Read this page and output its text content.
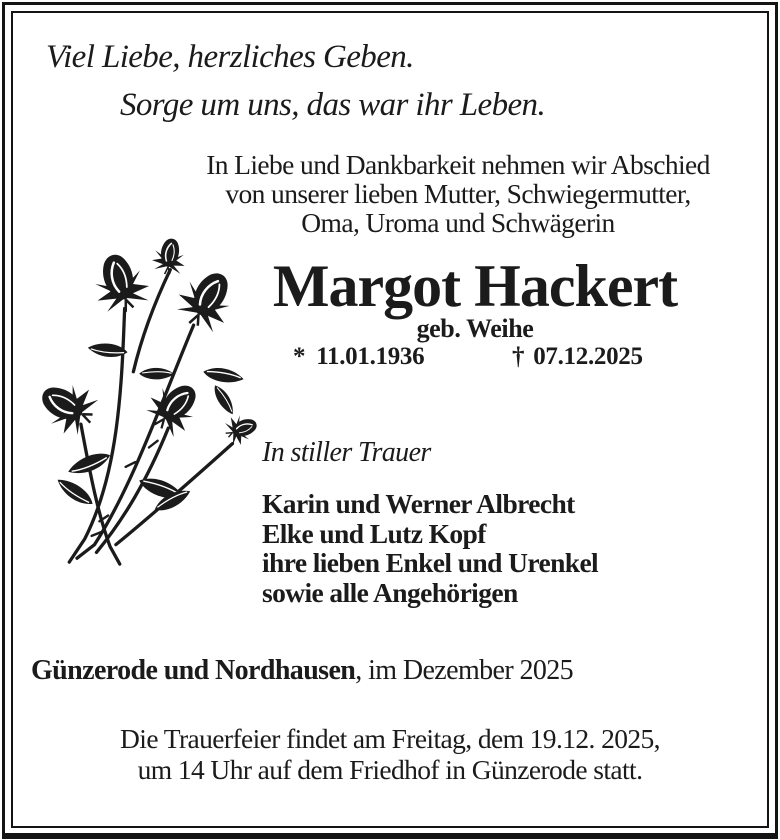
Viel Liebe, herzliches Geben.
Sorge um uns, das war ihr Leben.
In Liebe und Dankbarkeit nehmen wir Abschied
von unserer lieben Mutter, Schwiegermutter,
Oma, Uroma und Schwägerin
Margot Hackert
geb. Weihe
* 11.01.1936	† 07.12.2025
In stiller Trauer
Karin und Werner Albrecht
Elke und Lutz Kopf
ihre lieben Enkel und Urenkel
sowie alle Angehörigen
Günzerode und Nordhausen, im Dezember 2025
Die Trauerfeier findet am Freitag, dem 19.12. 2025,
um 14 Uhr auf dem Friedhof in Günzerode statt.
